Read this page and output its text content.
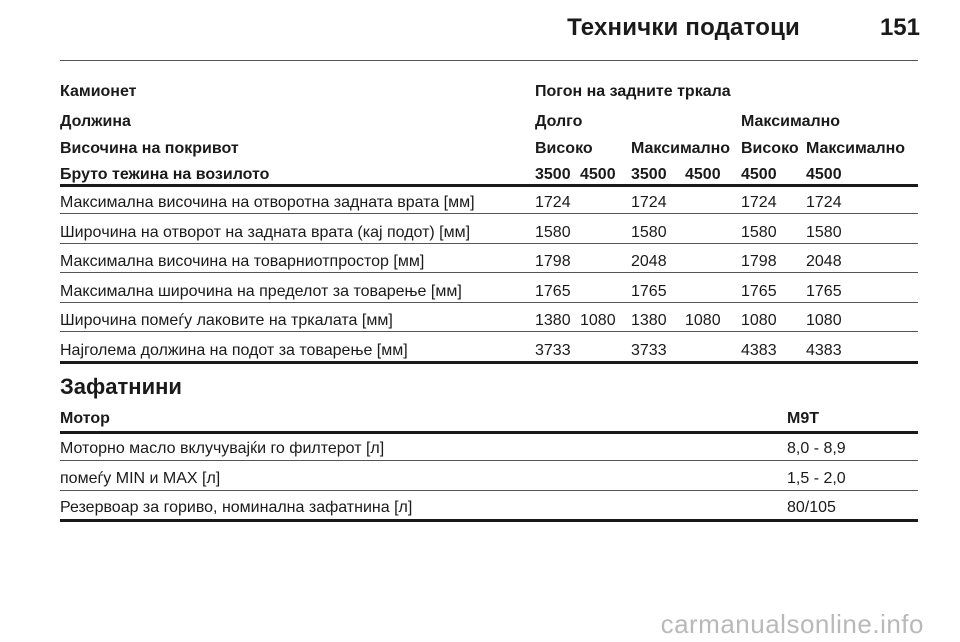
Технички податоци	151
Камионет	Погон на задните тркала
Должина	Долго	Максимално
Височина на покривот	Високо Максимално Високо Максимално
Бруто тежина на возилото	3500 4500 3500 4500 4500 4500
Максимална височина на отворотна задната врата [мм]	1724	1724	1724 1724
Ширoчина на отворот на задната врата (кај подот) [мм]	1580	1580	1580 1580
Максимална височина на товарниотпростор [мм]	1798	2048	1798 2048
Максимална ширoчина на пределот за товарење [мм]	1765	1765	1765 1765
Ширoчина помеѓу лаковите на тркалата [мм]	1380 1080 1380 1080 1080 1080
Најголема должина на подот за товарење [мм]	3733	3733	4383 4383
Зафатнини
Мотор	M9T
Моторно масло вклучувајќи го филтерот [л]	8,0 - 8,9
помеѓу MIN и MAX [л]	1,5 - 2,0
Резервоар за гориво, номинална зафатнина [л]	80/105
carmanualsonline.info
